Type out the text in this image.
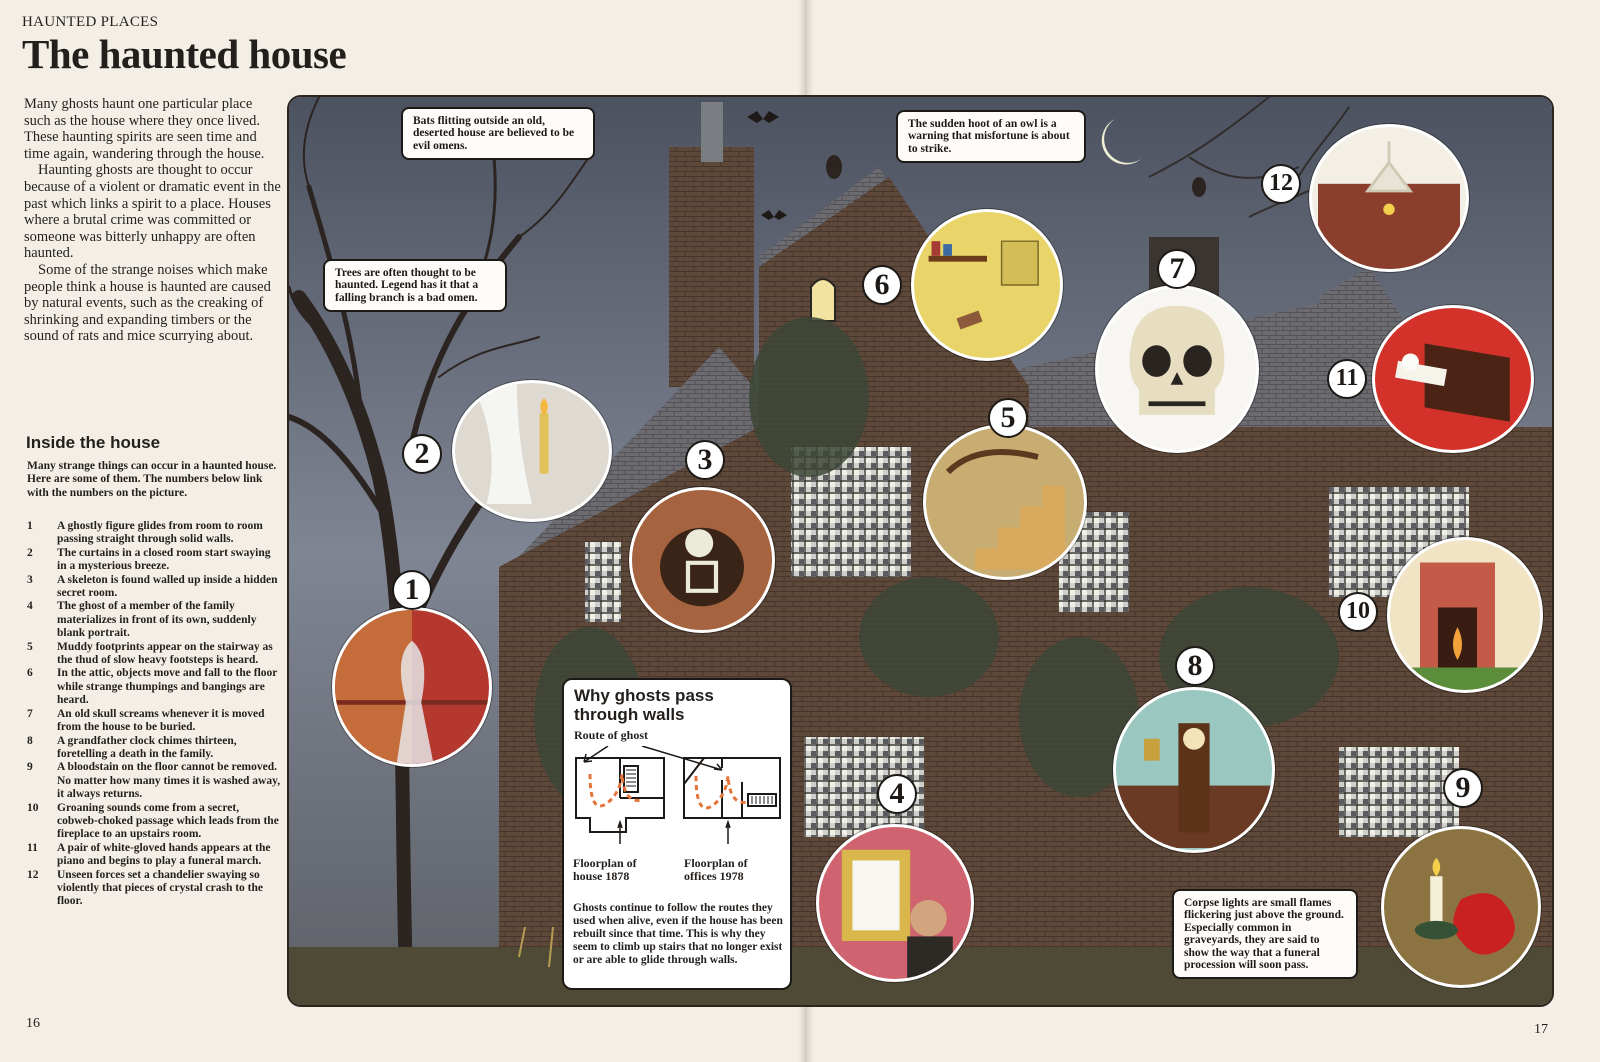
HAUNTED PLACES
The haunted house

Many ghosts haunt one particular place such as the house where they once lived. These haunting spirits are seen time and time again, wandering through the house.

Haunting ghosts are thought to occur because of a violent or dramatic event in the past which links a spirit to a place. Houses where a brutal crime was committed or someone was bitterly unhappy are often haunted.

Some of the strange noises which make people think a house is haunted are caused by natural events, such as the creaking of shrinking and expanding timbers or the sound of rats and mice scurrying about.

Inside the house
Many strange things can occur in a haunted house. Here are some of them. The numbers below link with the numbers on the picture.
1	A ghostly figure glides from room to room passing straight through solid walls.
2	The curtains in a closed room start swaying in a mysterious breeze.
3	A skeleton is found walled up inside a hidden secret room.
4	The ghost of a member of the family materializes in front of its own, suddenly blank portrait.
5	Muddy footprints appear on the stairway as the thud of slow heavy footsteps is heard.
6	In the attic, objects move and fall to the floor while strange thumpings and bangings are heard.
7	An old skull screams whenever it is moved from the house to be buried.
8	A grandfather clock chimes thirteen, foretelling a death in the family.
9	A bloodstain on the floor cannot be removed. No matter how many times it is washed away, it always returns.
10	Groaning sounds come from a secret, cobweb-choked passage which leads from the fireplace to an upstairs room.
11	A pair of white-gloved hands appears at the piano and begins to play a funeral march.
12	Unseen forces set a chandelier swaying so violently that pieces of crystal crash to the floor.
16	17
Bats flitting outside an old, deserted house are believed to be evil omens.
The sudden hoot of an owl is a warning that misfortune is about to strike.
Trees are often thought to be haunted. Legend has it that a falling branch is a bad omen.
Corpse lights are small flames flickering just above the ground. Especially common in graveyards, they are said to show the way that a funeral procession will soon pass.
1
2	3
4
5
6	7
8
9
10
11
12
Why ghosts pass through walls
Route of ghost
Floorplan of house 1878
Floorplan of offices 1978
Ghosts continue to follow the routes they used when alive, even if the house has been rebuilt since that time. This is why they seem to climb up stairs that no longer exist or are able to glide through walls.
